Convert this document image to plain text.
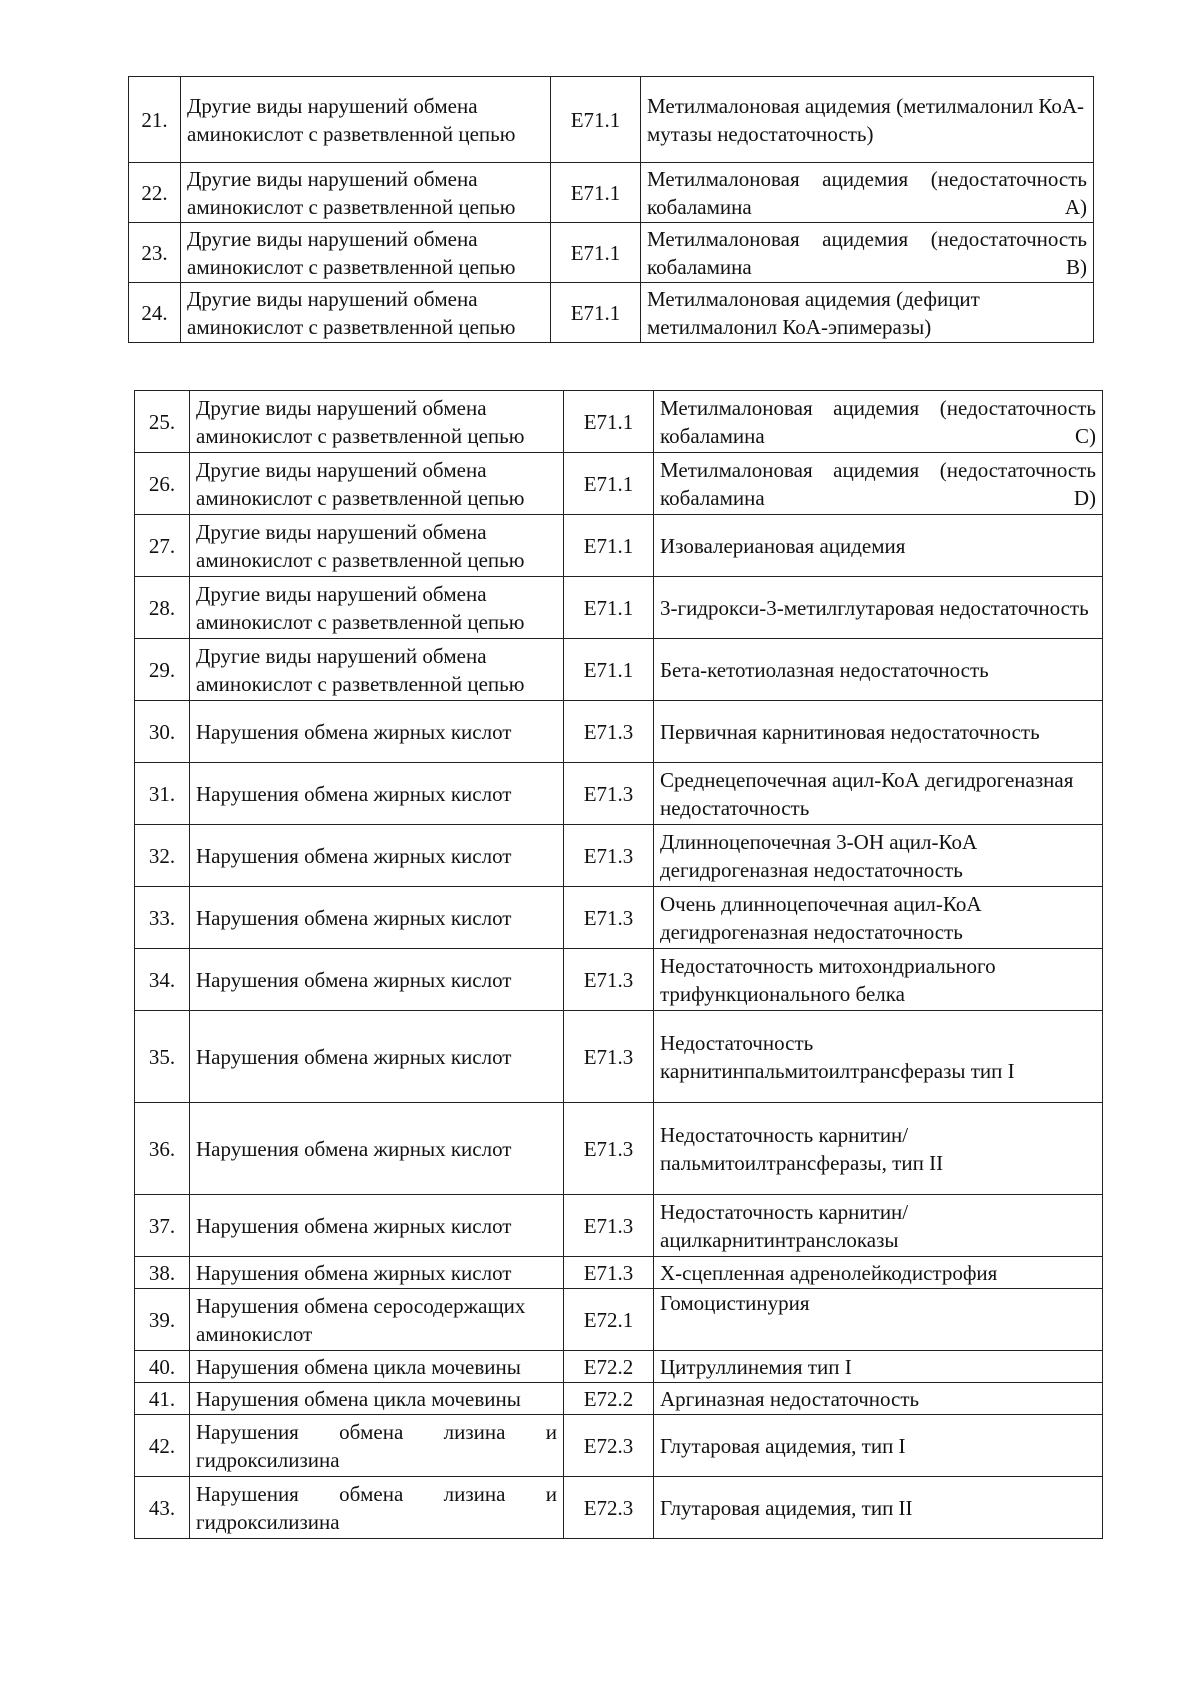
21.	Другие виды нарушений обмена аминокислот с разветвленной цепью	E71.1	Метилмалоновая ацидемия (метилмалонил КоА-мутазы недостаточность)
22.	Другие виды нарушений обмена аминокислот с разветвленной цепью	E71.1	Метилмалоновая ацидемия (недостаточность кобаламина A)
23.	Другие виды нарушений обмена аминокислот с разветвленной цепью	E71.1	Метилмалоновая ацидемия (недостаточность кобаламина B)
24.	Другие виды нарушений обмена аминокислот с разветвленной цепью	E71.1	Метилмалоновая ацидемия (дефицит метилмалонил КоА-эпимеразы)
25.	Другие виды нарушений обмена аминокислот с разветвленной цепью	E71.1	Метилмалоновая ацидемия (недостаточность кобаламина C)
26.	Другие виды нарушений обмена аминокислот с разветвленной цепью	E71.1	Метилмалоновая ацидемия (недостаточность кобаламина D)
27.	Другие виды нарушений обмена аминокислот с разветвленной цепью	E71.1	Изовалериановая ацидемия
28.	Другие виды нарушений обмена аминокислот с разветвленной цепью	E71.1	3-гидрокси-3-метилглутаровая недостаточность
29.	Другие виды нарушений обмена аминокислот с разветвленной цепью	E71.1	Бета-кетотиолазная недостаточность
30.	Нарушения обмена жирных кислот	E71.3	Первичная карнитиновая недостаточность
31.	Нарушения обмена жирных кислот	E71.3	Среднецепочечная ацил-КоА дегидрогеназная недостаточность
32.	Нарушения обмена жирных кислот	E71.3	Длинноцепочечная 3-ОН ацил-КоА дегидрогеназная недостаточность
33.	Нарушения обмена жирных кислот	E71.3	Очень длинноцепочечная ацил-КоА дегидрогеназная недостаточность
34.	Нарушения обмена жирных кислот	E71.3	Недостаточность митохондриального трифункционального белка
35.	Нарушения обмена жирных кислот	E71.3	Недостаточность карнитинпальмитоилтрансферазы тип I
36.	Нарушения обмена жирных кислот	E71.3	Недостаточность карнитин/пальмитоилтрансферазы, тип II
37.	Нарушения обмена жирных кислот	E71.3	Недостаточность карнитин/ацилкарнитинтранслоказы
38.	Нарушения обмена жирных кислот	E71.3	Х-сцепленная адренолейкодистрофия
39.	Нарушения обмена серосодержащих аминокислот	E72.1	Гомоцистинурия
40.	Нарушения обмена цикла мочевины	E72.2	Цитруллинемия тип I
41.	Нарушения обмена цикла мочевины	E72.2	Аргиназная недостаточность
42.	Нарушения обмена лизина и гидроксилизина	E72.3	Глутаровая ацидемия, тип I
43.	Нарушения обмена лизина и гидроксилизина	E72.3	Глутаровая ацидемия, тип II
